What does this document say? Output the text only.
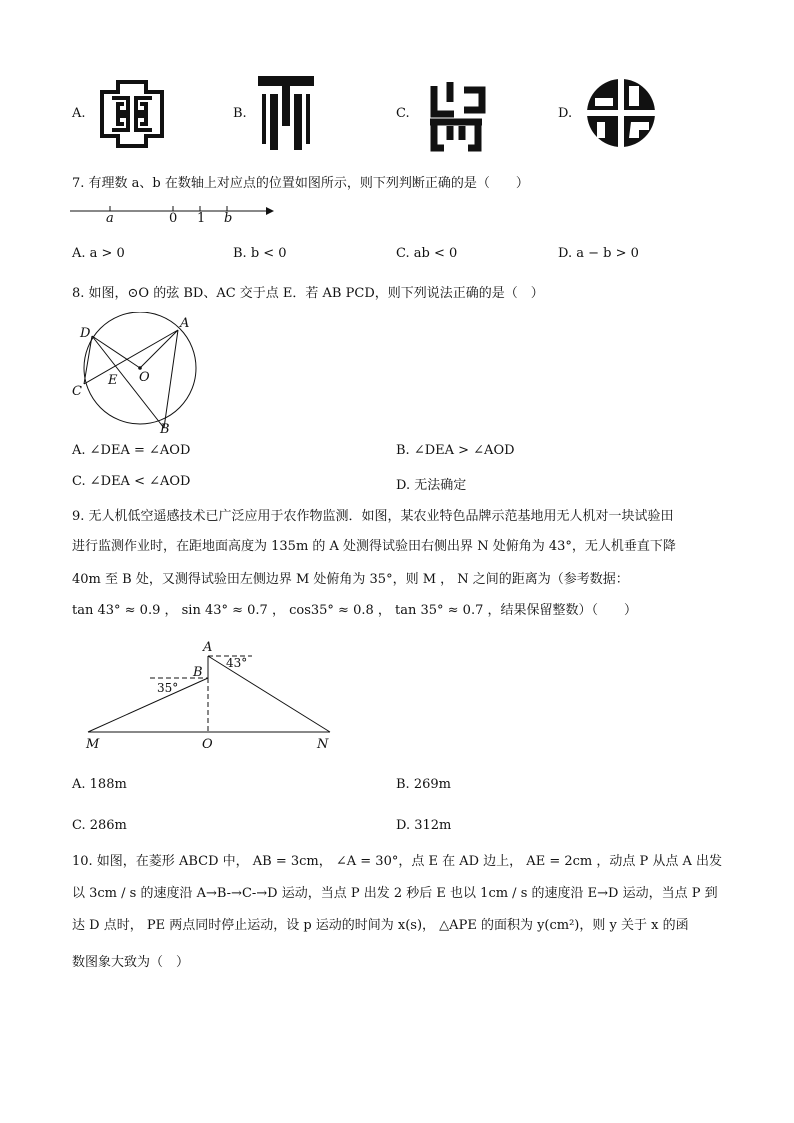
A.	B.	C.	D.
7. 有理数 a、b 在数轴上对应点的位置如图所示，则下列判断正确的是（　　）
a	0 1 b
A. a > 0	B. b < 0	C. ab < 0	D. a − b > 0
8. 如图，⊙O 的弦 BD、AC 交于点 E．若 AB PCD，则下列说法正确的是（　）
D
A
C
E O
B
A. ∠DEA = ∠AOD	B. ∠DEA > ∠AOD
C. ∠DEA < ∠AOD	D. 无法确定
9. 无人机低空遥感技术已广泛应用于农作物监测．如图，某农业特色品牌示范基地用无人机对一块试验田
进行监测作业时，在距地面高度为 135m 的 A 处测得试验田右侧出界 N 处俯角为 43°，无人机垂直下降
40m 至 B 处，又测得试验田左侧边界 M 处俯角为 35°，则 M ， N 之间的距离为（参考数据：
tan 43° ≈ 0.9 ， sin 43° ≈ 0.7 ， cos35° ≈ 0.8 ， tan 35° ≈ 0.7 ，结果保留整数）（　　）
A
B
43°
35°
M	O	N
A. 188m	B. 269m
C. 286m	D. 312m
10. 如图，在菱形 ABCD 中， AB = 3cm， ∠A = 30°，点 E 在 AD 边上， AE = 2cm ，动点 P 从点 A 出发
以 3cm / s 的速度沿 A→B-→C-→D 运动，当点 P 出发 2 秒后 E 也以 1cm / s 的速度沿 E→D 运动，当点 P 到
达 D 点时， PE 两点同时停止运动，设 p 运动的时间为 x(s)， △APE 的面积为 y(cm²)，则 y 关于 x 的函
数图象大致为（　）
